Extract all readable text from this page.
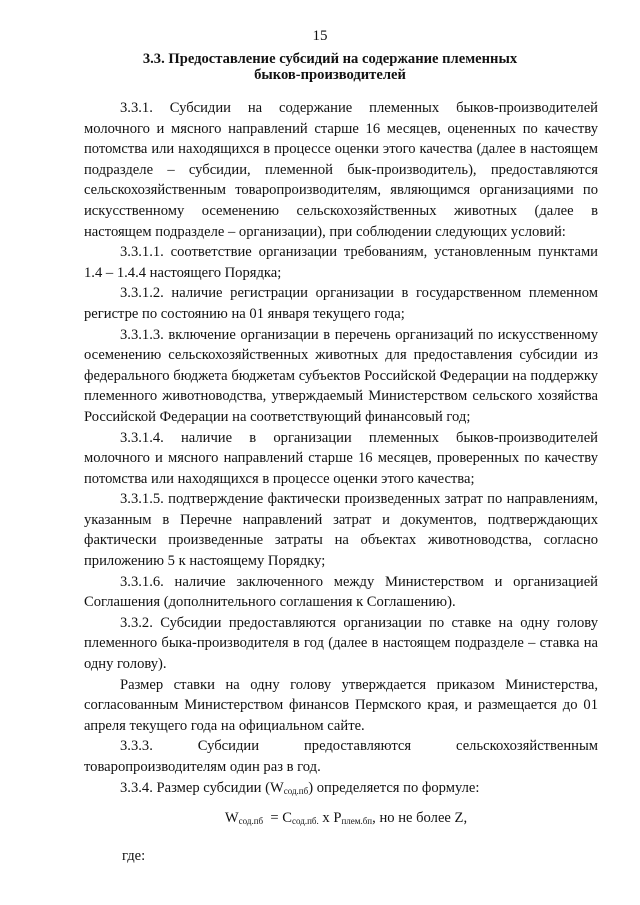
15
3.3. Предоставление субсидий на содержание племенных быков-производителей

3.3.1. Субсидии на содержание племенных быков-производителей молочного и мясного направлений старше 16 месяцев, оцененных по качеству потомства или находящихся в процессе оценки этого качества (далее в настоящем подразделе – субсидии, племенной бык-производитель), предоставляются сельскохозяйственным товаропроизводителям, являющимся организациями по искусственному осеменению сельскохозяйственных животных (далее в настоящем подразделе – организации), при соблюдении следующих условий:

3.3.1.1. соответствие организации требованиям, установленным пунктами 1.4 – 1.4.4 настоящего Порядка;

3.3.1.2. наличие регистрации организации в государственном племенном регистре по состоянию на 01 января текущего года;

3.3.1.3. включение организации в перечень организаций по искусственному осеменению сельскохозяйственных животных для предоставления субсидии из федерального бюджета бюджетам субъектов Российской Федерации на поддержку племенного животноводства, утверждаемый Министерством сельского хозяйства Российской Федерации на соответствующий финансовый год;

3.3.1.4. наличие в организации племенных быков-производителей молочного и мясного направлений старше 16 месяцев, проверенных по качеству потомства или находящихся в процессе оценки этого качества;

3.3.1.5. подтверждение фактически произведенных затрат по направлениям, указанным в Перечне направлений затрат и документов, подтверждающих фактически произведенные затраты на объектах животноводства, согласно приложению 5 к настоящему Порядку;

3.3.1.6. наличие заключенного между Министерством и организацией Соглашения (дополнительного соглашения к Соглашению).

3.3.2. Субсидии предоставляются организации по ставке на одну голову племенного быка-производителя в год (далее в настоящем подразделе – ставка на одну голову).

Размер ставки на одну голову утверждается приказом Министерства, согласованным Министерством финансов Пермского края, и размещается до 01 апреля текущего года на официальном сайте.

3.3.3. Субсидии предоставляются сельскохозяйственным товаропроизводителям один раз в год.

3.3.4. Размер субсидии $(W_{сод.пб})$ определяется по формуле:

$W_{сод.пб} = C_{сод.пб.}$ х $P_{плем.бп}$, но не более Z,

где:
